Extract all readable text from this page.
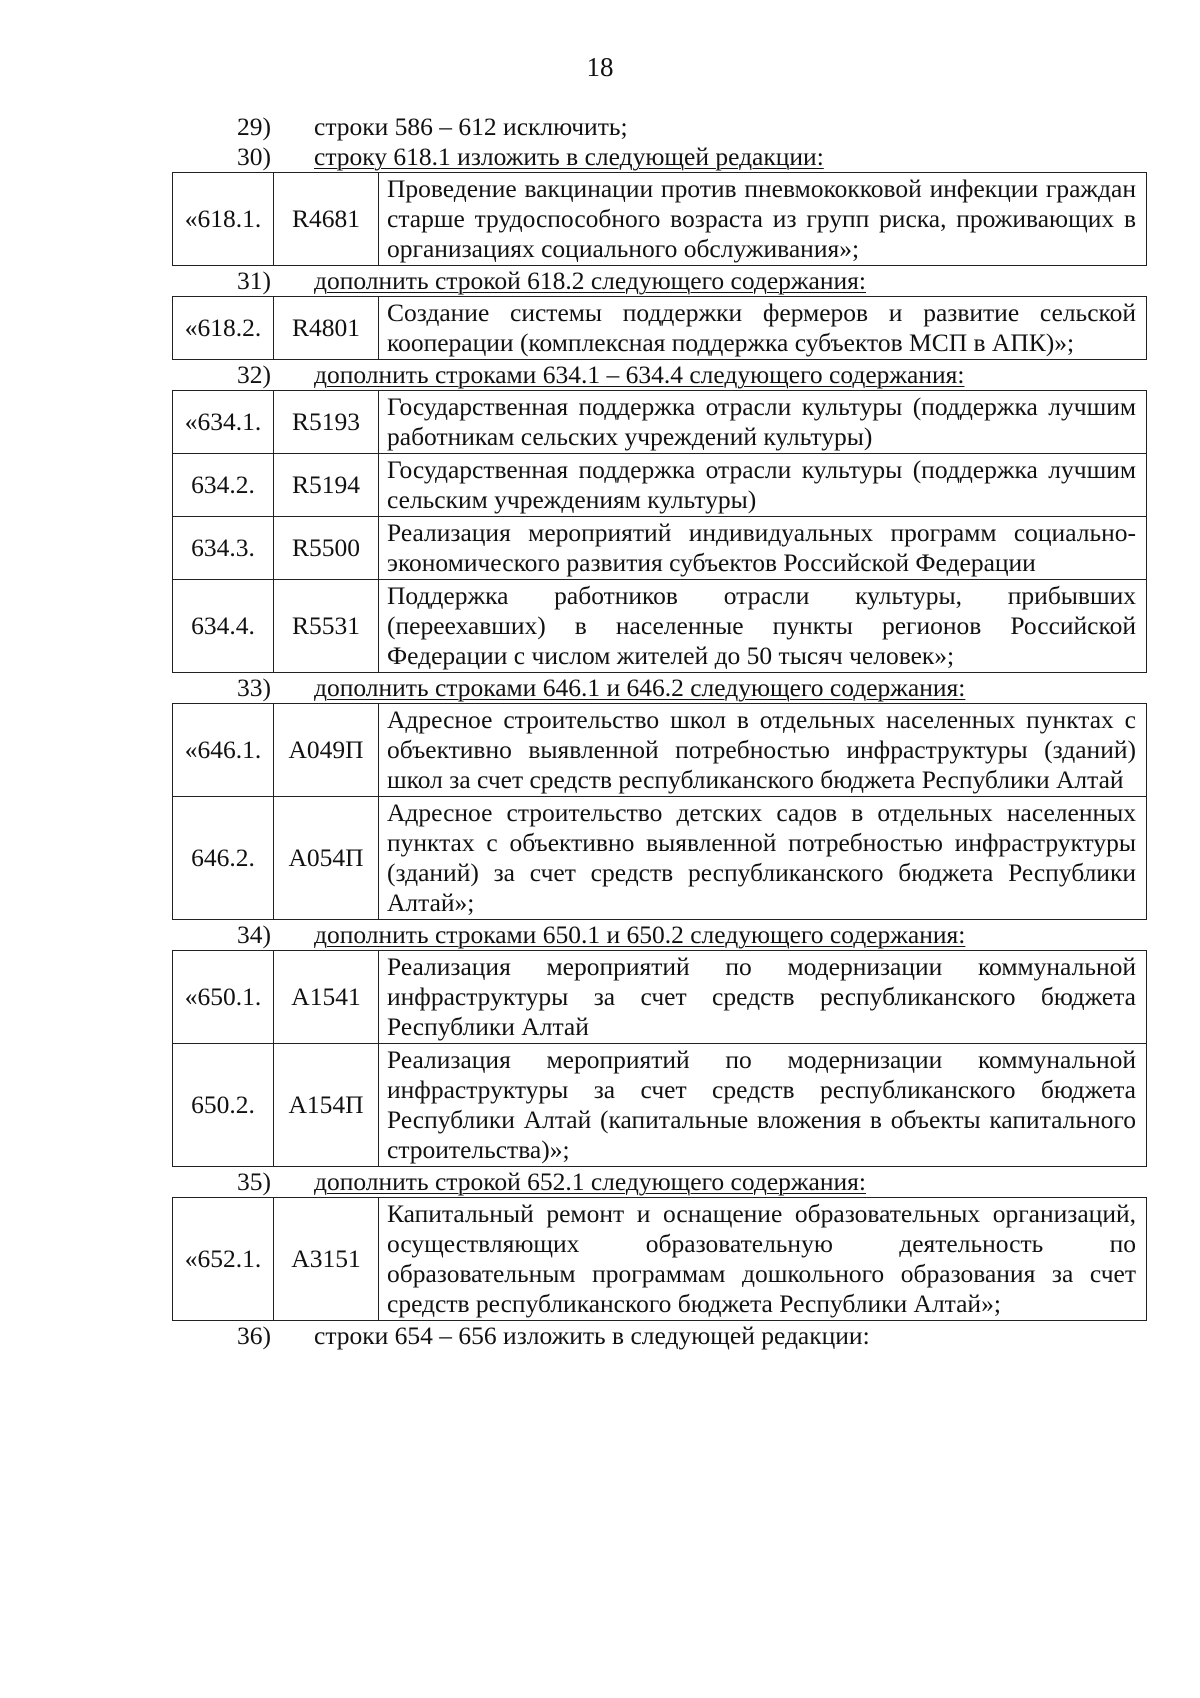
18
29) строки 586 – 612 исключить;
30) строку 618.1 изложить в следующей редакции:
«618.1.	R4681	Проведение вакцинации против пневмококковой инфекции граждан старше трудоспособного возраста из групп риска, проживающих в организациях социального обслуживания»;
31) дополнить строкой 618.2 следующего содержания:
«618.2.	R4801	Создание системы поддержки фермеров и развитие сельской кооперации (комплексная поддержка субъектов МСП в АПК)»;
32) дополнить строками 634.1 – 634.4 следующего содержания:
«634.1.	R5193	Государственная поддержка отрасли культуры (поддержка лучшим работникам сельских учреждений культуры)
634.2.	R5194	Государственная поддержка отрасли культуры (поддержка лучшим сельским учреждениям культуры)
634.3.	R5500	Реализация мероприятий индивидуальных программ социально-экономического развития субъектов Российской Федерации
634.4.	R5531	Поддержка работников отрасли культуры, прибывших (переехавших) в населенные пункты регионов Российской Федерации с числом жителей до 50 тысяч человек»;
33) дополнить строками 646.1 и 646.2 следующего содержания:
«646.1.	А049П	Адресное строительство школ в отдельных населенных пунктах с объективно выявленной потребностью инфраструктуры (зданий) школ за счет средств республиканского бюджета Республики Алтай
646.2.	А054П	Адресное строительство детских садов в отдельных населенных пунктах с объективно выявленной потребностью инфраструктуры (зданий) за счет средств республиканского бюджета Республики Алтай»;
34) дополнить строками 650.1 и 650.2 следующего содержания:
«650.1.	А1541	Реализация мероприятий по модернизации коммунальной инфраструктуры за счет средств республиканского бюджета Республики Алтай
650.2.	А154П	Реализация мероприятий по модернизации коммунальной инфраструктуры за счет средств республиканского бюджета Республики Алтай (капитальные вложения в объекты капитального строительства)»;
35) дополнить строкой 652.1 следующего содержания:
«652.1.	А3151	Капитальный ремонт и оснащение образовательных организаций, осуществляющих образовательную деятельность по образовательным программам дошкольного образования за счет средств республиканского бюджета Республики Алтай»;
36) строки 654 – 656 изложить в следующей редакции:
